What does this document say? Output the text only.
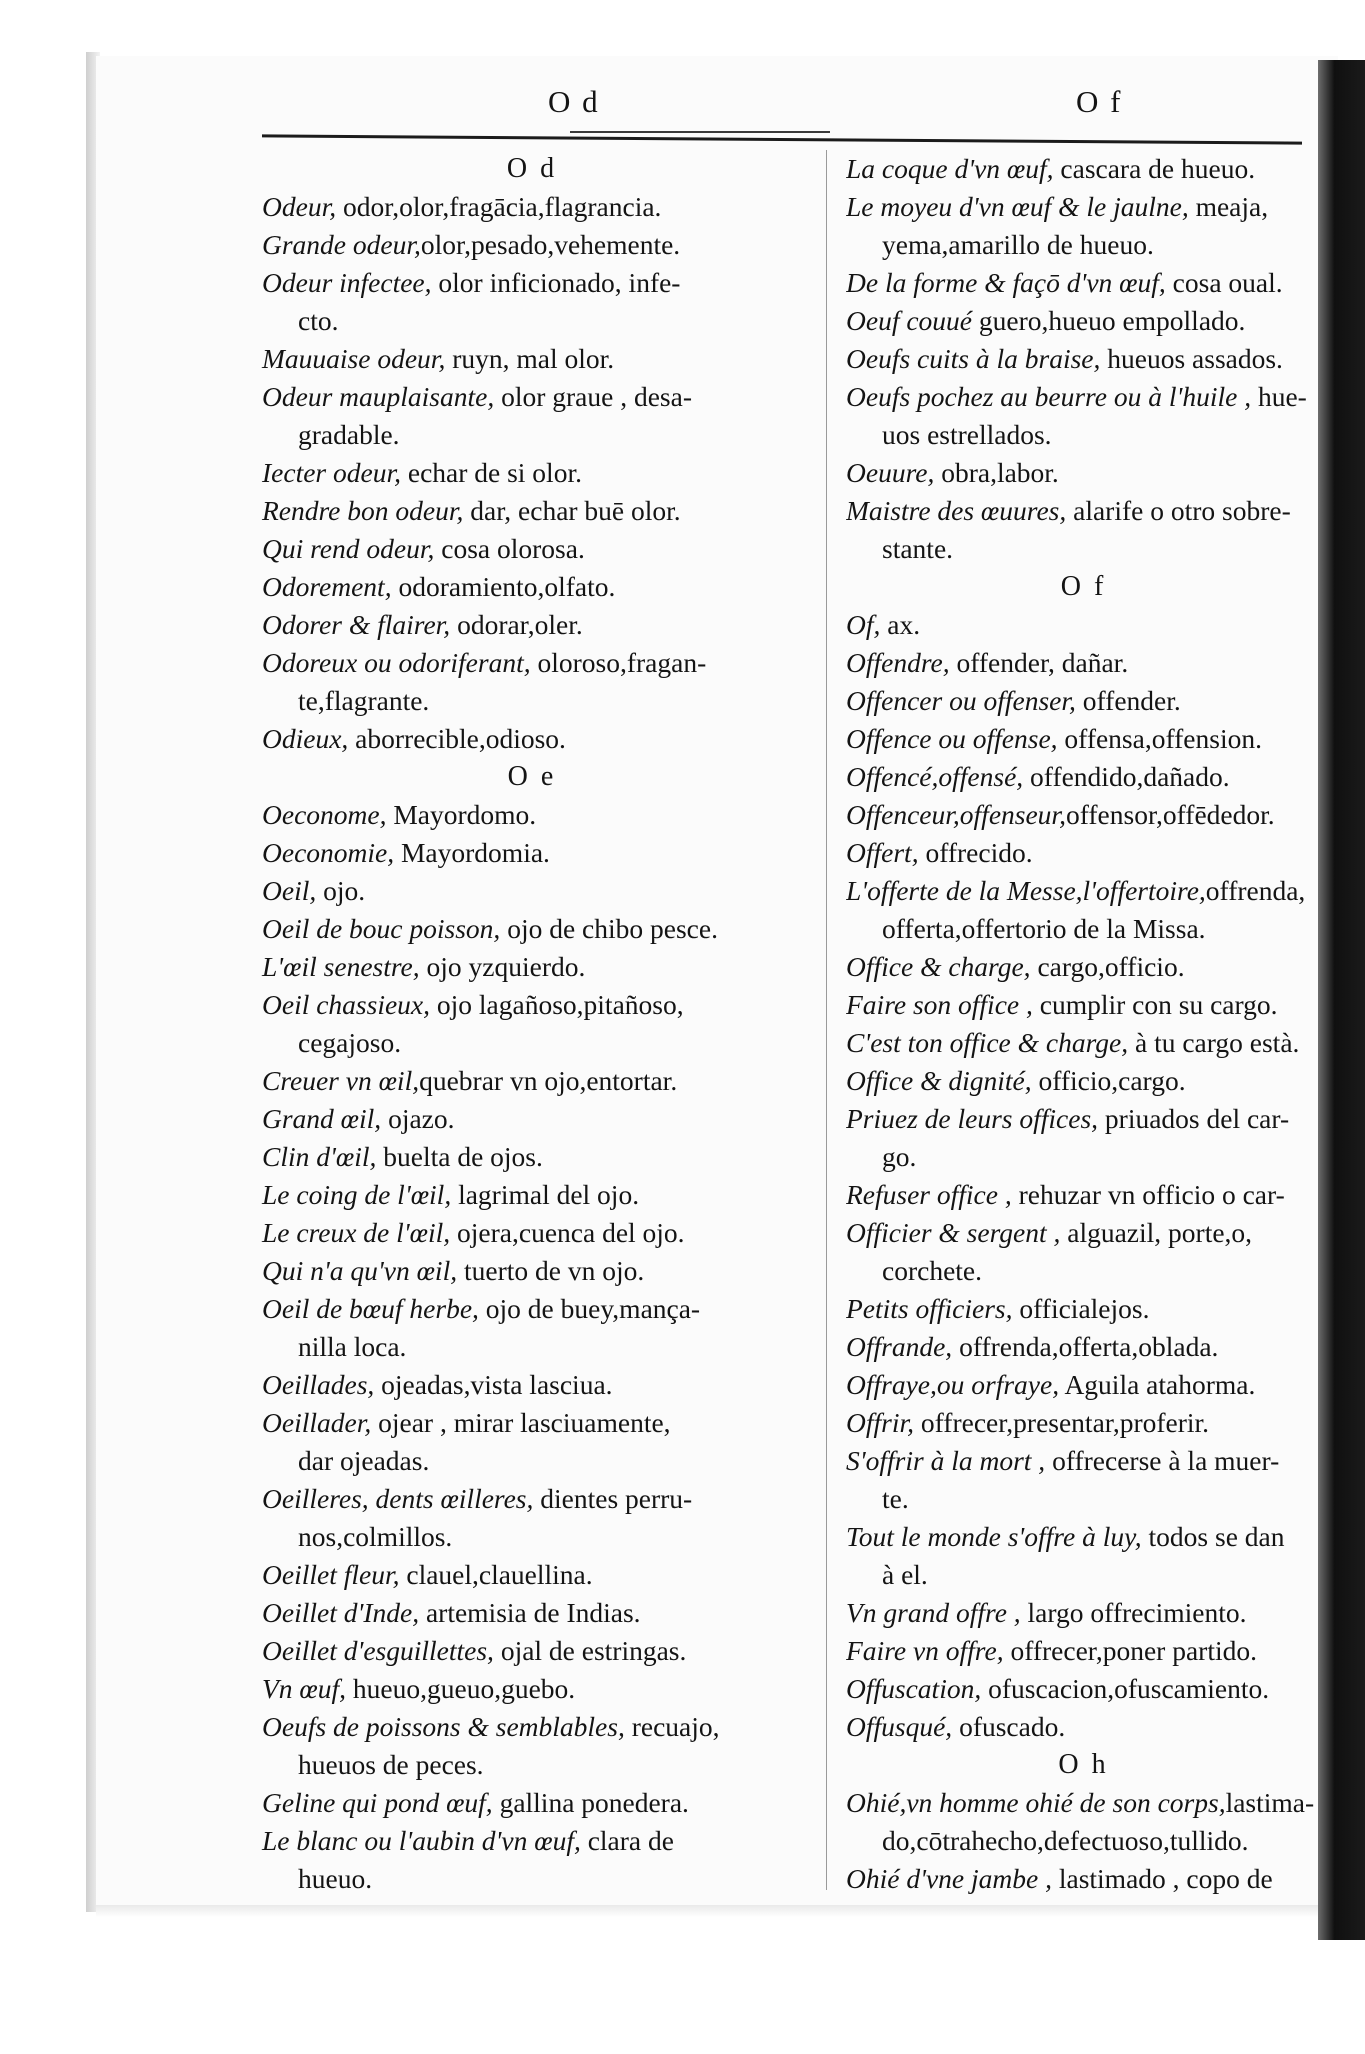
O d	O f
O d
Odeur, odor,olor,fragācia,flagrancia.
Grande odeur,olor,pesado,vehemente.
Odeur infectee, olor inficionado, infe-
cto.
Mauuaise odeur, ruyn, mal olor.
Odeur mauplaisante, olor graue , desa-
gradable.
Iecter odeur, echar de si olor.
Rendre bon odeur, dar, echar buē olor.
Qui rend odeur, cosa olorosa.
Odorement, odoramiento,olfato.
Odorer & flairer, odorar,oler.
Odoreux ou odoriferant, oloroso,fragan-
te,flagrante.
Odieux, aborrecible,odioso.
O e
Oeconome, Mayordomo.
Oeconomie, Mayordomia.
Oeil, ojo.
Oeil de bouc poisson, ojo de chibo pesce.
L'œil senestre, ojo yzquierdo.
Oeil chassieux, ojo lagañoso,pitañoso,
cegajoso.
Creuer vn œil,quebrar vn ojo,entortar.
Grand œil, ojazo.
Clin d'œil, buelta de ojos.
Le coing de l'œil, lagrimal del ojo.
Le creux de l'œil, ojera,cuenca del ojo.
Qui n'a qu'vn œil, tuerto de vn ojo.
Oeil de bœuf herbe, ojo de buey,mança-
nilla loca.
Oeillades, ojeadas,vista lasciua.
Oeillader, ojear , mirar lasciuamente,
dar ojeadas.
Oeilleres, dents œilleres, dientes perru-
nos,colmillos.
Oeillet fleur, clauel,clauellina.
Oeillet d'Inde, artemisia de Indias.
Oeillet d'esguillettes, ojal de estringas.
Vn œuf, hueuo,gueuo,guebo.
Oeufs de poissons & semblables, recuajo,
hueuos de peces.
Geline qui pond œuf, gallina ponedera.
Le blanc ou l'aubin d'vn œuf, clara de
hueuo.
La coque d'vn œuf, cascara de hueuo.
Le moyeu d'vn œuf & le jaulne, meaja,
yema,amarillo de hueuo.
De la forme & façō d'vn œuf, cosa oual.
Oeuf couué guero,hueuo empollado.
Oeufs cuits à la braise, hueuos assados.
Oeufs pochez au beurre ou à l'huile , hue-
uos estrellados.
Oeuure, obra,labor.
Maistre des œuures, alarife o otro sobre-
stante.
O f
Of, ax.
Offendre, offender, dañar.
Offencer ou offenser, offender.
Offence ou offense, offensa,offension.
Offencé,offensé, offendido,dañado.
Offenceur,offenseur,offensor,offēdedor.
Offert, offrecido.
L'offerte de la Messe,l'offertoire,offrenda,
offerta,offertorio de la Missa.
Office & charge, cargo,officio.
Faire son office , cumplir con su cargo.
C'est ton office & charge, à tu cargo està.
Office & dignité, officio,cargo.
Priuez de leurs offices, priuados del car-
go.
Refuser office , rehuzar vn officio o car-
Officier & sergent , alguazil, porte,o,
corchete.
Petits officiers, officialejos.
Offrande, offrenda,offerta,oblada.
Offraye,ou orfraye, Aguila atahorma.
Offrir, offrecer,presentar,proferir.
S'offrir à la mort , offrecerse à la muer-
te.
Tout le monde s'offre à luy, todos se dan
à el.
Vn grand offre , largo offrecimiento.
Faire vn offre, offrecer,poner partido.
Offuscation, ofuscacion,ofuscamiento.
Offusqué, ofuscado.
O h
Ohié,vn homme ohié de son corps,lastima-
do,cōtrahecho,defectuoso,tullido.
Ohié d'vne jambe , lastimado , copo de
